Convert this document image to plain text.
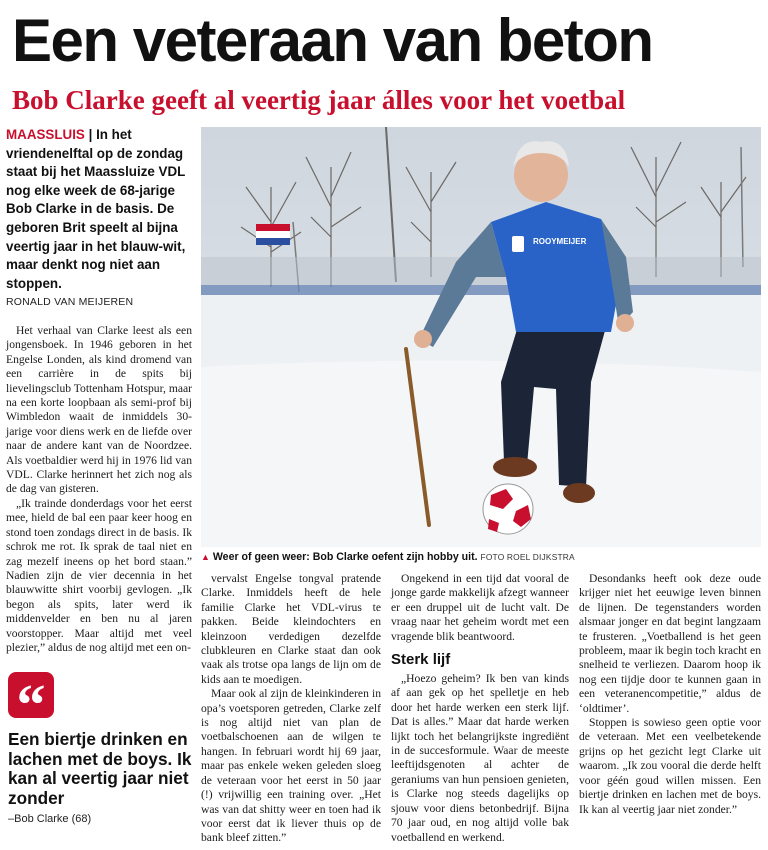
Een veteraan van beton
Bob Clarke geeft al veertig jaar álles voor het voetbal
MAASSLUIS | In het vriendenelftal op de zondag staat bij het Maassluize VDL nog elke week de 68-jarige Bob Clarke in de basis. De geboren Brit speelt al bijna veertig jaar in het blauw-wit, maar denkt nog niet aan stoppen.
RONALD VAN MEIJEREN

Het verhaal van Clarke leest als een jongensboek. In 1946 geboren in het Engelse Londen, als kind dromend van een carrière in de spits bij lievelingsclub Tottenham Hotspur, maar na een korte loopbaan als semi-prof bij Wimbledon waait de inmiddels 30-jarige voor diens werk en de liefde over naar de andere kant van de Noordzee. Als voetbaldier werd hij in 1976 lid van VDL. Clarke herinnert het zich nog als de dag van gisteren.

„Ik trainde donderdags voor het eerst mee, hield de bal een paar keer hoog en stond toen zondags direct in de basis. Ik schrok me rot. Ik sprak de taal niet en zag mezelf ineens op het bord staan.” Nadien zijn de vier decennia in het blauwwitte shirt voorbij gevlogen. „Ik begon als spits, later werd ik middenvelder en ben nu al jaren voorstopper. Maar altijd met veel plezier,” aldus de nog altijd met een on-

vervalst Engelse tongval pratende Clarke. Inmiddels heeft de hele familie Clarke het VDL-virus te pakken. Beide kleindochters en kleinzoon verdedigen dezelfde clubkleuren en Clarke staat dan ook vaak als trotse opa langs de lijn om de kids aan te moedigen.

Maar ook al zijn de kleinkinderen in opa’s voetsporen getreden, Clarke zelf is nog altijd niet van plan de voetbalschoenen aan de wilgen te hangen. In februari wordt hij 69 jaar, maar pas enkele weken geleden sloeg de veteraan voor het eerst in 50 jaar (!) vrijwillig een training over. „Het was van dat shitty weer en toen had ik voor eerst dat ik liever thuis op de bank bleef zitten.”

Ongekend in een tijd dat vooral de jonge garde makkelijk afzegt wanneer er een druppel uit de lucht valt. De vraag naar het geheim wordt met een vragende blik beantwoord.

Sterk lijf

„Hoezo geheim? Ik ben van kinds af aan gek op het spelletje en heb door het harde werken een sterk lijf. Dat is alles.” Maar dat harde werken lijkt toch het belangrijkste ingrediënt in de succesformule. Waar de meeste leeftijdsgenoten al achter de geraniums van hun pensioen genieten, is Clarke nog steeds dagelijks op sjouw voor diens betonbedrijf. Bijna 70 jaar oud, en nog altijd volle bak voetballend en werkend.

Desondanks heeft ook deze oude krijger niet het eeuwige leven binnen de lijnen. De tegenstanders worden alsmaar jonger en dat begint langzaam te frusteren. „Voetballend is het geen probleem, maar ik begin toch kracht en snelheid te verliezen. Daarom hoop ik nog een tijdje door te kunnen gaan in een veteranencompetitie,” aldus de ‘oldtimer’.

Stoppen is sowieso geen optie voor de veteraan. Met een veelbetekende grijns op het gezicht legt Clarke uit waarom. „Ik zou vooral die derde helft voor géén goud willen missen. Een biertje drinken en lachen met de boys. Ik kan al veertig jaar niet zonder.”

ROOYMEIJER
▲ Weer of geen weer: Bob Clarke oefent zijn hobby uit. FOTO ROEL DIJKSTRA
“
Een biertje drinken en lachen met de boys. Ik kan al veertig jaar niet zonder
–Bob Clarke (68)
